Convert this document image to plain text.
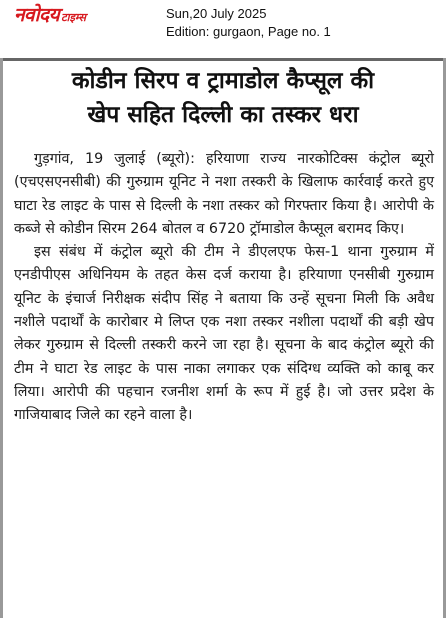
नवोदय टाइम्स	Sun,20 July 2025
Edition: gurgaon, Page no. 1
कोडीन सिरप व ट्रामाडोल कैप्सूल की
खेप सहित दिल्ली का तस्कर धरा

गुड़गांव, 19 जुलाई (ब्यूरो): हरियाणा राज्य नारकोटिक्स कंट्रोल ब्यूरो (एचएसएनसीबी) की गुरुग्राम यूनिट ने नशा तस्करी के खिलाफ कार्रवाई करते हुए घाटा रेड लाइट के पास से दिल्ली के नशा तस्कर को गिरफ्तार किया है। आरोपी के कब्जे से कोडीन सिरम 264 बोतल व 6720 ट्रॉमाडोल कैप्सूल बरामद किए।

इस संबंध में कंट्रोल ब्यूरो की टीम ने डीएलएफ फेस-1 थाना गुरुग्राम में एनडीपीएस अधिनियम के तहत केस दर्ज कराया है। हरियाणा एनसीबी गुरुग्राम यूनिट के इंचार्ज निरीक्षक संदीप सिंह ने बताया कि उन्हें सूचना मिली कि अवैध नशीले पदार्थों के कारोबार मे लिप्त एक नशा तस्कर नशीला पदार्थों की बड़ी खेप लेकर गुरुग्राम से दिल्ली तस्करी करने जा रहा है। सूचना के बाद कंट्रोल ब्यूरो की टीम ने घाटा रेड लाइट के पास नाका लगाकर एक संदिग्ध व्यक्ति को काबू कर लिया। आरोपी की पहचान रजनीश शर्मा के रूप में हुई है। जो उत्तर प्रदेश के गाजियाबाद जिले का रहने वाला है।
